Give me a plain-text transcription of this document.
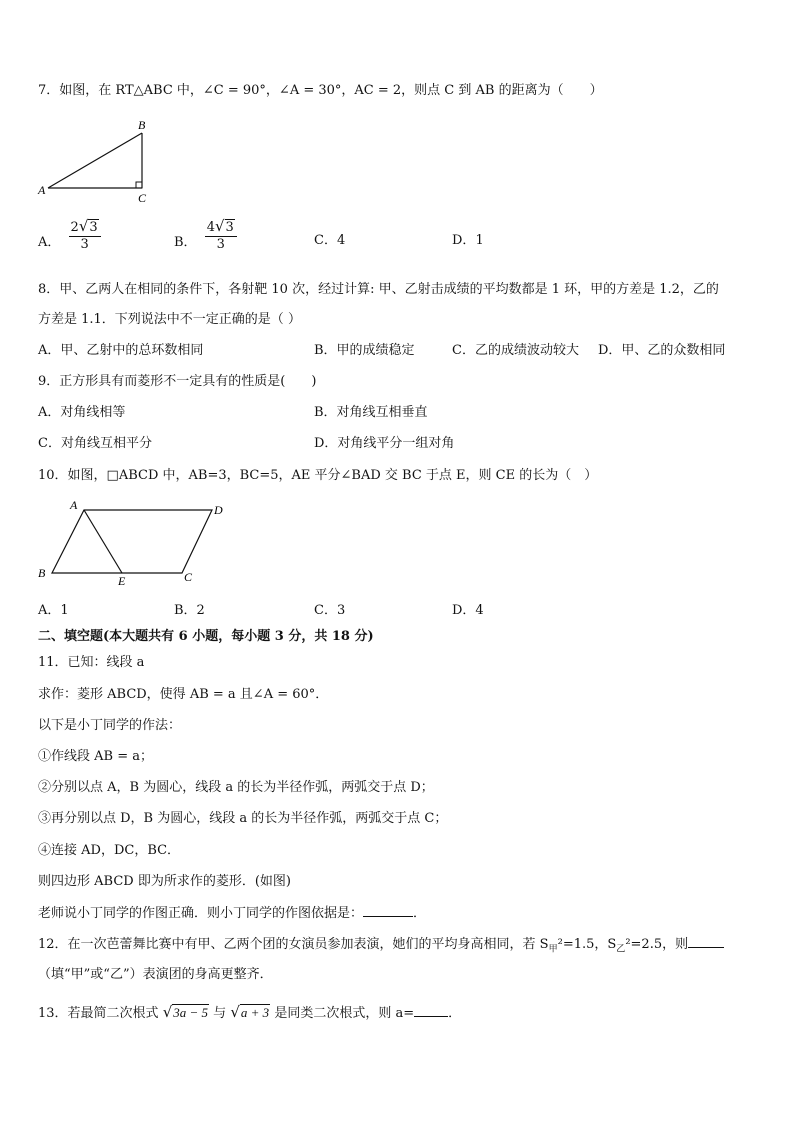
7．如图，在 RT△ABC 中，∠C = 90°，∠A = 30°，AC = 2，则点 C 到 AB 的距离为（　　）
A
B
C
A． $\frac{2√3}{3}$	B． $\frac{4√3}{3}$	C．4	D．1
8．甲、乙两人在相同的条件下，各射靶 10 次，经过计算: 甲、乙射击成绩的平均数都是 1 环，甲的方差是 1.2，乙的
方差是 1.1．下列说法中不一定正确的是（ ）
A．甲、乙射中的总环数相同	B．甲的成绩稳定	C．乙的成绩波动较大 D．甲、乙的众数相同
9．正方形具有而菱形不一定具有的性质是(　　)
A．对角线相等	B．对角线互相垂直
C．对角线互相平分	D．对角线平分一组对角
10．如图，□ABCD 中，AB=3，BC=5，AE 平分∠BAD 交 BC 于点 E，则 CE 的长为（　）
A	D
B
E	C
A．1	B．2	C．3	D．4
二、填空题(本大题共有 6 小题，每小题 3 分，共 18 分)
11．已知：线段 a
求作：菱形 ABCD，使得 AB = a 且∠A = 60°．
以下是小丁同学的作法：
①作线段 AB = a；
②分别以点 A，B 为圆心，线段 a 的长为半径作弧，两弧交于点 D；
③再分别以点 D，B 为圆心，线段 a 的长为半径作弧，两弧交于点 C；
④连接 AD，DC，BC．
则四边形 ABCD 即为所求作的菱形．(如图)
老师说小丁同学的作图正确．则小丁同学的作图依据是：	．
12．在一次芭蕾舞比赛中有甲、乙两个团的女演员参加表演，她们的平均身高相同，若 $S_甲^2=1.5$，$S_乙^2=2.5$，则
（填“甲”或“乙”）表演团的身高更整齐．
13．若最简二次根式 √3a − 5 与 √a + 3 是同类二次根式，则 a=	．
